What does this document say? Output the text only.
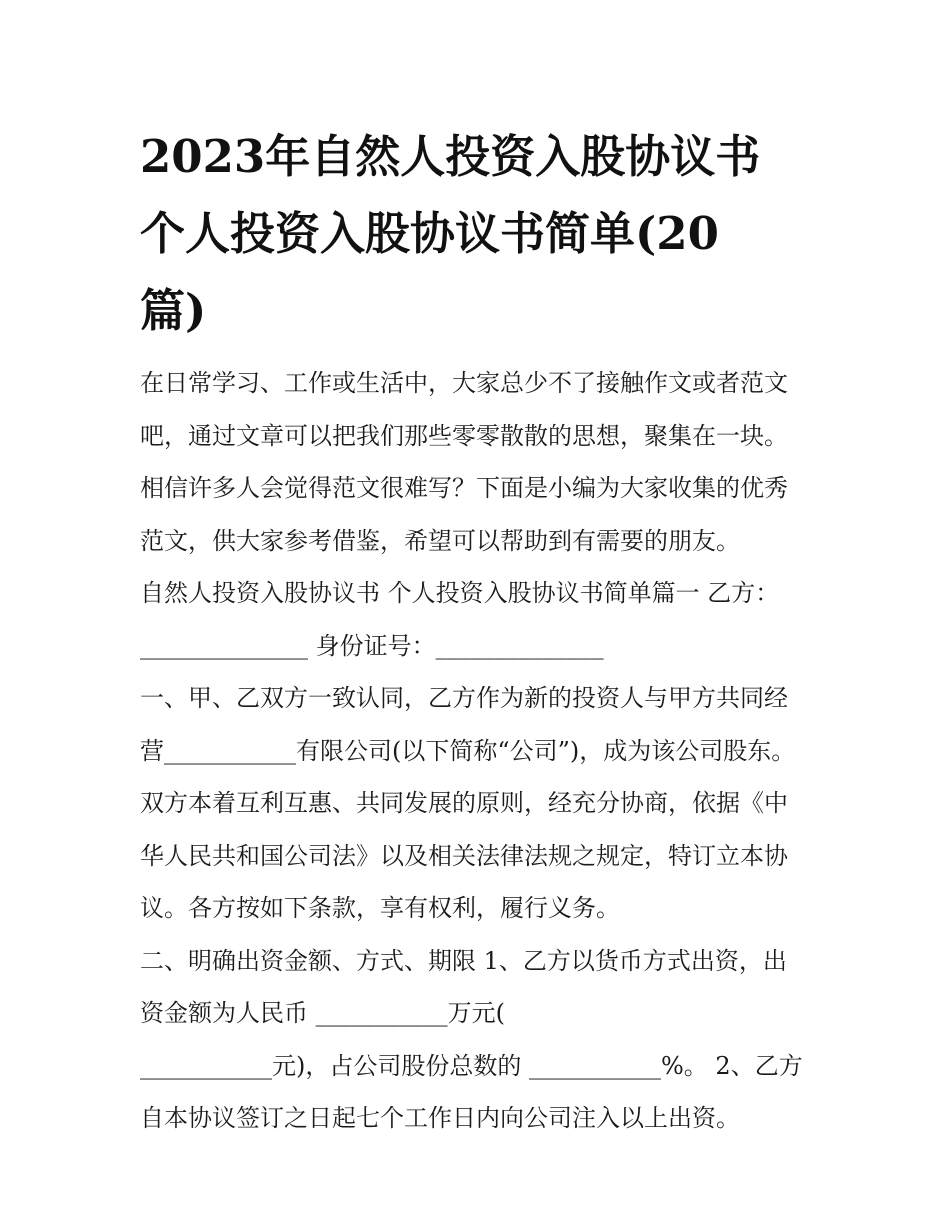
2023年自然人投资入股协议书
个人投资入股协议书简单(20
篇)
在日常学习、工作或生活中，大家总少不了接触作文或者范文
吧，通过文章可以把我们那些零零散散的思想，聚集在一块。
相信许多人会觉得范文很难写？下面是小编为大家收集的优秀
范文，供大家参考借鉴，希望可以帮助到有需要的朋友。
自然人投资入股协议书 个人投资入股协议书简单篇一 乙方：
______________ 身份证号：______________
一、甲、乙双方一致认同，乙方作为新的投资人与甲方共同经
营___________有限公司(以下简称“公司”)，成为该公司股东。
双方本着互利互惠、共同发展的原则，经充分协商，依据《中
华人民共和国公司法》以及相关法律法规之规定，特订立本协
议。各方按如下条款，享有权利，履行义务。
二、明确出资金额、方式、期限 1、乙方以货币方式出资，出
资金额为人民币 ___________万元(
___________元)，占公司股份总数的 ___________%。 2、乙方
自本协议签订之日起七个工作日内向公司注入以上出资。
